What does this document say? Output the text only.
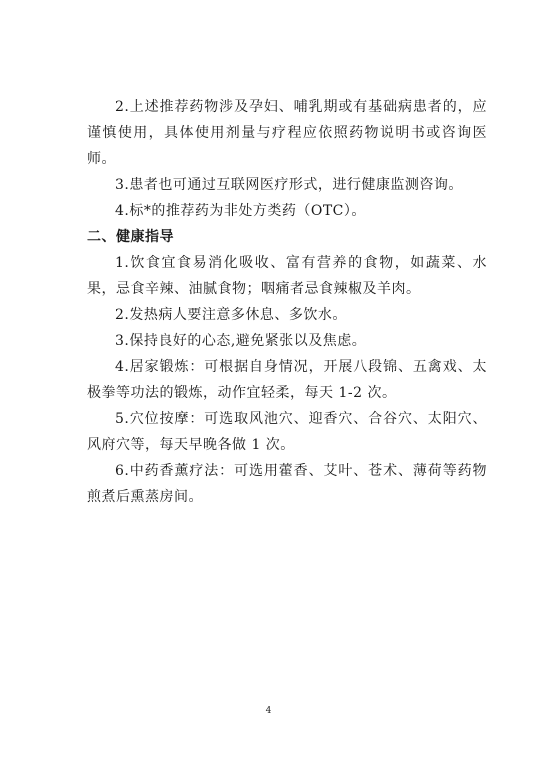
2.上述推荐药物涉及孕妇、哺乳期或有基础病患者的，应谨慎使用，具体使用剂量与疗程应依照药物说明书或咨询医师。

3.患者也可通过互联网医疗形式，进行健康监测咨询。

4.标*的推荐药为非处方类药（OTC）。

二、健康指导

1.饮食宜食易消化吸收、富有营养的食物，如蔬菜、水果，忌食辛辣、油腻食物；咽痛者忌食辣椒及羊肉。

2.发热病人要注意多休息、多饮水。

3.保持良好的心态,避免紧张以及焦虑。

4.居家锻炼：可根据自身情况，开展八段锦、五禽戏、太极拳等功法的锻炼，动作宜轻柔，每天 1-2 次。

5.穴位按摩：可选取风池穴、迎香穴、合谷穴、太阳穴、风府穴等，每天早晚各做 1 次。

6.中药香薰疗法：可选用藿香、艾叶、苍术、薄荷等药物煎煮后熏蒸房间。

4
